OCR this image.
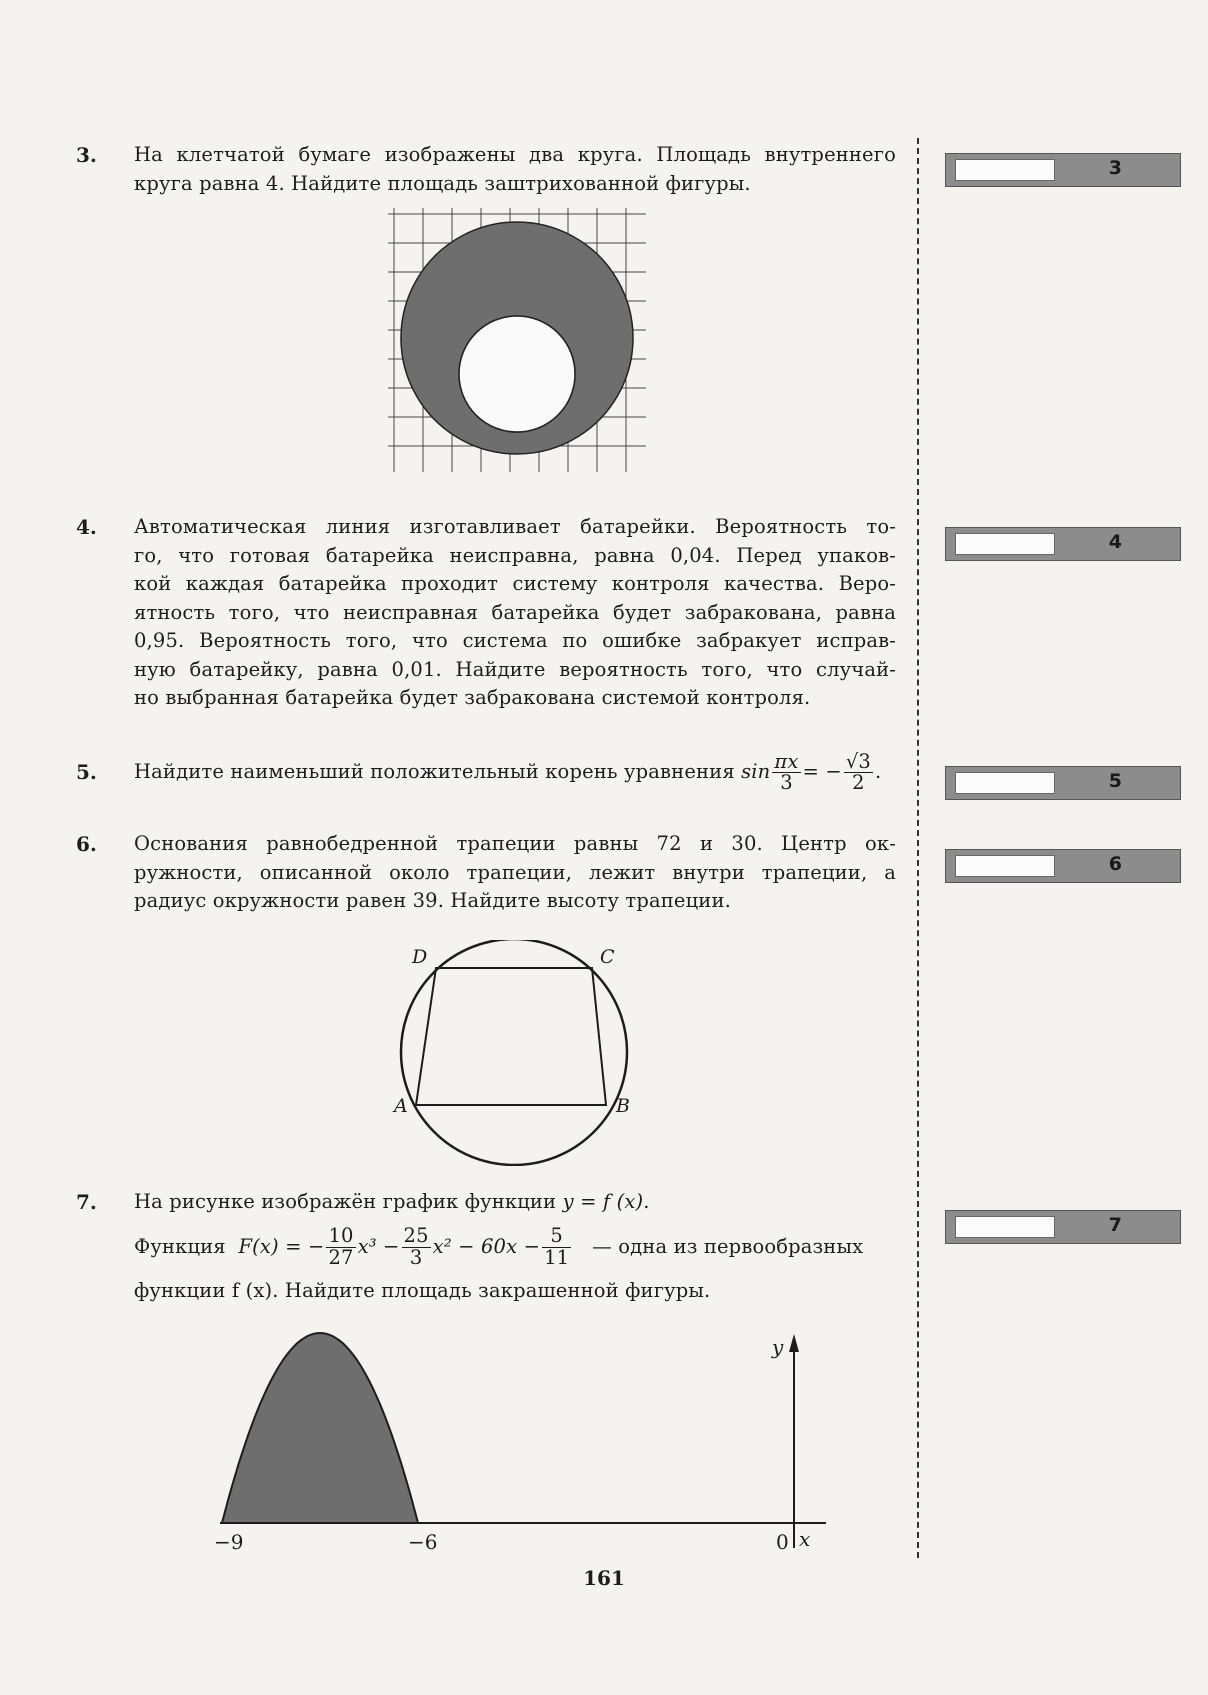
3. На клетчатой бумаге изображены два круга. Площадь внутреннего
круга равна 4. Найдите площадь заштрихованной фигуры.
3
4. Автоматическая линия изготавливает батарейки. Вероятность то-
го, что готовая батарейка неисправна, равна 0,04. Перед упаков-
кой каждая батарейка проходит систему контроля качества. Веро-
ятность того, что неисправная батарейка будет забракована, равна
0,95. Вероятность того, что система по ошибке забракует исправ-
ную батарейку, равна 0,01. Найдите вероятность того, что случай-
но выбранная батарейка будет забракована системой контроля.
4
5. Найдите наименьший положительный корень уравнения $\sin \frac{\pi x}{3}$ = − $\frac{√3}{2}$ .	5
6. Основания равнобедренной трапеции равны 72 и 30. Центр ок-
ружности, описанной около трапеции, лежит внутри трапеции, а
радиус окружности равен 39. Найдите высоту трапеции.
6
D	C
A	B
7. На рисунке изображён график функции y = f (x).
Функция F(x) = − $\frac{10}{27} x^3 - \frac{25}{3} x^2 - 60x - \frac{5}{11}$ — одна из первообразных
функции f (x). Найдите площадь закрашенной фигуры.
7
y
x
−9	−6	0
161
